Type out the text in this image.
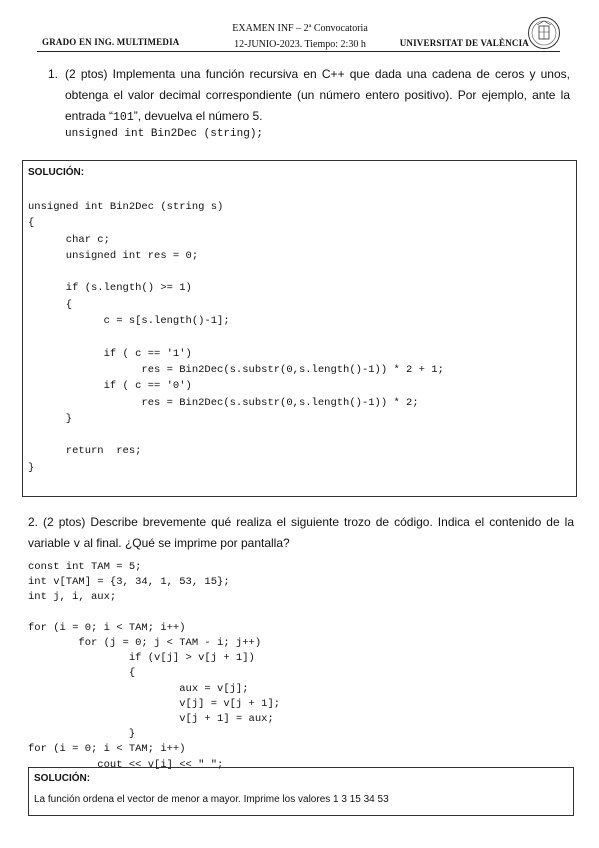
GRADO EN ING. MULTIMEDIA
EXAMEN INF – 2ª Convocatoria
12-JUNIO-2023. Tiempo: 2:30 h	UNIVERSITAT DE VALÈNCIA
1. (2 ptos) Implementa una función recursiva en C++ que dada una cadena de ceros y unos, obtenga el valor decimal correspondiente (un número entero positivo). Por ejemplo, ante la entrada “101”, devuelva el número 5.
unsigned int Bin2Dec (string);
SOLUCIÓN:
unsigned int Bin2Dec (string s)
{
char c;
unsigned int res = 0;

if (s.length() >= 1)
{
c = s[s.length()-1];

if ( c == '1')
res = Bin2Dec(s.substr(0,s.length()-1)) * 2 + 1;
if ( c == '0')
res = Bin2Dec(s.substr(0,s.length()-1)) * 2;
}

return  res;
}
2. (2 ptos) Describe brevemente qué realiza el siguiente trozo de código. Indica el contenido de la variable v al final. ¿Qué se imprime por pantalla?
const int TAM = 5;
int v[TAM] = {3, 34, 1, 53, 15};
int j, i, aux;

for (i = 0; i < TAM; i++)
for (j = 0; j < TAM - i; j++)
if (v[j] > v[j + 1])
{
aux = v[j];
v[j] = v[j + 1];
v[j + 1] = aux;
}
for (i = 0; i < TAM; i++)
cout << v[i] << " ";
SOLUCIÓN:
La función ordena el vector de menor a mayor. Imprime los valores 1 3 15 34 53
